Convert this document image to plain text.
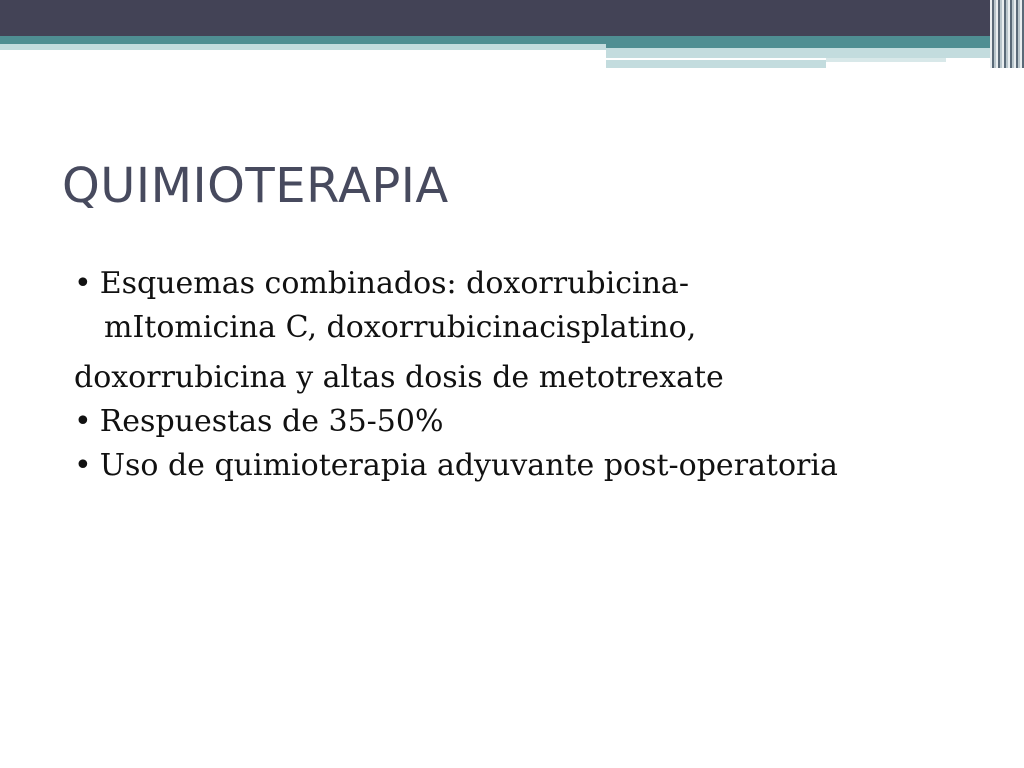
QUIMIOTERAPIA

• Esquemas combinados: doxorrubicina-

mItomicina C, doxorrubicinacisplatino,

doxorrubicina y altas dosis de metotrexate

• Respuestas de 35-50%

• Uso de quimioterapia adyuvante post-operatoria
